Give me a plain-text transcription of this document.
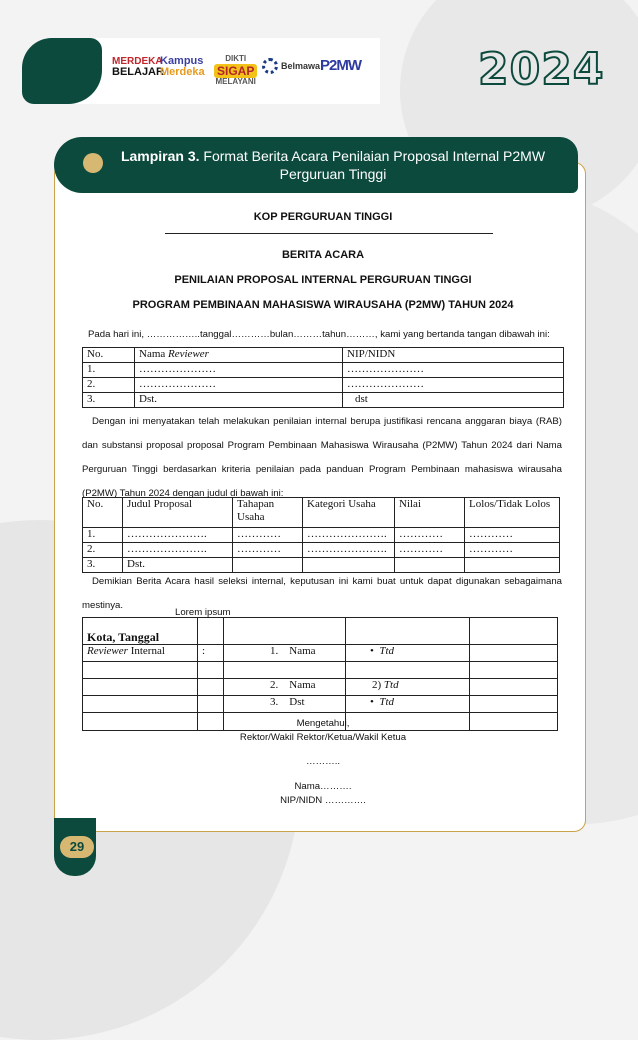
MERDEKA
BELAJAR
Kampus
Merdeka
DIKTI
SIGAP
MELAYANI
Belmawa P2MW	2024
Lampiran 3. Format Berita Acara Penilaian Proposal Internal P2MW Perguruan Tinggi
KOP PERGURUAN TINGGI
BERITA ACARA
PENILAIAN PROPOSAL INTERNAL PERGURUAN TINGGI
PROGRAM PEMBINAAN MAHASISWA WIRAUSAHA (P2MW) TAHUN 2024
Pada hari ini, ……………..tanggal…………bulan………tahun………, kami yang bertanda tangan dibawah ini:
No.	Nama Reviewer	NIP/NIDN
1.	…………………	…………………
2.	…………………	…………………
3.	Dst.	dst

Dengan ini menyatakan telah melakukan penilaian internal berupa justifikasi rencana anggaran biaya (RAB) dan substansi proposal proposal Program Pembinaan Mahasiswa Wirausaha (P2MW) Tahun 2024 dari Nama Perguruan Tinggi berdasarkan kriteria penilaian pada panduan Program Pembinaan mahasiswa wirausaha (P2MW) Tahun 2024 dengan judul di bawah ini:

No.	Judul Proposal	Tahapan Usaha	Kategori Usaha	Nilai	Lolos/Tidak Lolos
1.	………………….	…………	………………….	…………	…………
2.	………………….	…………	………………….	…………	…………
3.	Dst.				

Demikian Berita Acara hasil seleksi internal, keputusan ini kami buat untuk dapat digunakan sebagaimana mestinya.

Lorem ipsum
Kota, Tanggal				
Reviewer Internal	:	1. Nama	• Ttd	

		2. Nama	2) Ttd	
		3. Dst	• Ttd	

Mengetahui,
Rektor/Wakil Rektor/Ketua/Wakil Ketua
………..
Nama……….
NIP/NIDN ………….
29
